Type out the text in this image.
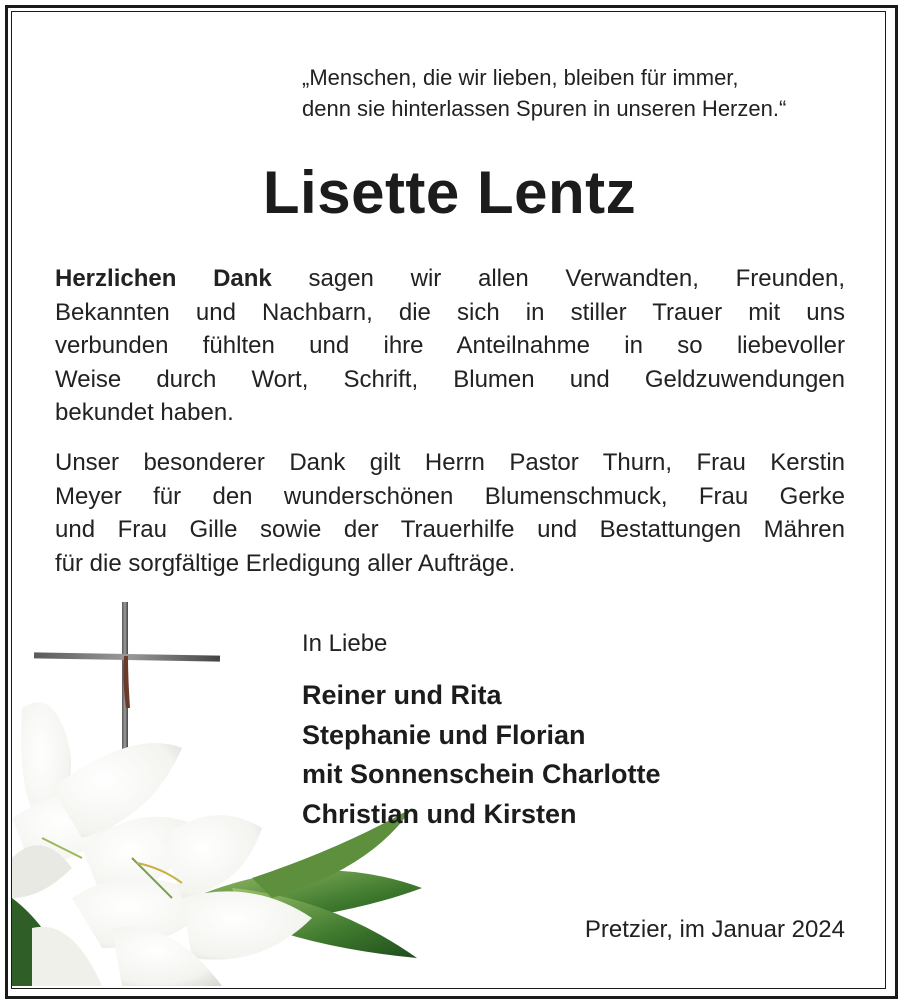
„Menschen, die wir lieben, bleiben für immer,
denn sie hinterlassen Spuren in unseren Herzen.“
Lisette Lentz
Herzlichen Dank sagen wir allen Verwandten, Freunden,
Bekannten und Nachbarn, die sich in stiller Trauer mit uns
verbunden fühlten und ihre Anteilnahme in so liebevoller
Weise durch Wort, Schrift, Blumen und Geldzuwendungen
bekundet haben.
Unser besonderer Dank gilt Herrn Pastor Thurn, Frau Kerstin
Meyer für den wunderschönen Blumenschmuck, Frau Gerke
und Frau Gille sowie der Trauerhilfe und Bestattungen Mähren
für die sorgfältige Erledigung aller Aufträge.
In Liebe
Reiner und Rita
Stephanie und Florian
mit Sonnenschein Charlotte
Christian und Kirsten
Pretzier, im Januar 2024
